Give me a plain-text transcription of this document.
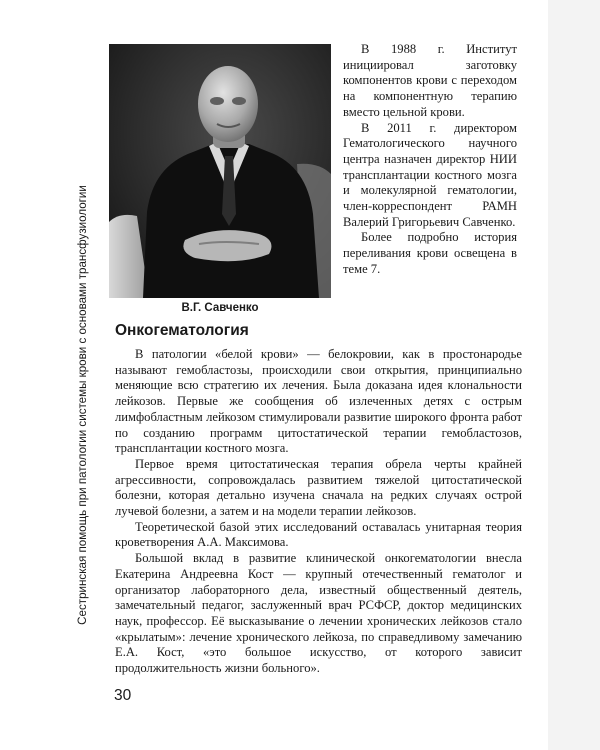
Сестринская помощь при патологии системы крови с основами трансфузиологии	В.Г. Савченко

В 1988 г. Институт инициировал заготовку компонентов крови с переходом на компонентную терапию вместо цельной крови.

В 2011 г. директором Гематологического научного центра назначен директор НИИ трансплантации костного мозга и молекулярной гематологии, член-корреспондент РАМН Валерий Григорьевич Савченко.

Более подробно история переливания крови освещена в теме 7.

Онкогематология

В патологии «белой крови» — белокровии, как в простонародье называют гемобластозы, происходили свои открытия, принципиально меняющие всю стратегию их лечения. Была доказана идея клональности лейкозов. Первые же сообщения об излеченных детях с острым лимфобластным лейкозом стимулировали развитие широкого фронта работ по созданию программ цитостатической терапии гемобластозов, трансплантации костного мозга.

Первое время цитостатическая терапия обрела черты крайней агрессивности, сопровождалась развитием тяжелой цитостатической болезни, которая детально изучена сначала на редких случаях острой лучевой болезни, а затем и на модели терапии лейкозов.

Теоретической базой этих исследований оставалась унитарная теория кроветворения А.А. Максимова.

Большой вклад в развитие клинической онкогематологии внесла Екатерина Андреевна Кост — крупный отечественный гематолог и организатор лабораторного дела, известный общественный деятель, замечательный педагог, заслуженный врач РСФСР, доктор медицинских наук, профессор. Её высказывание о лечении хронических лейкозов стало «крылатым»: лечение хронического лейкоза, по справедливому замечанию Е.А. Кост, «это большое искусство, от которого зависит продолжительность жизни больного».

30
